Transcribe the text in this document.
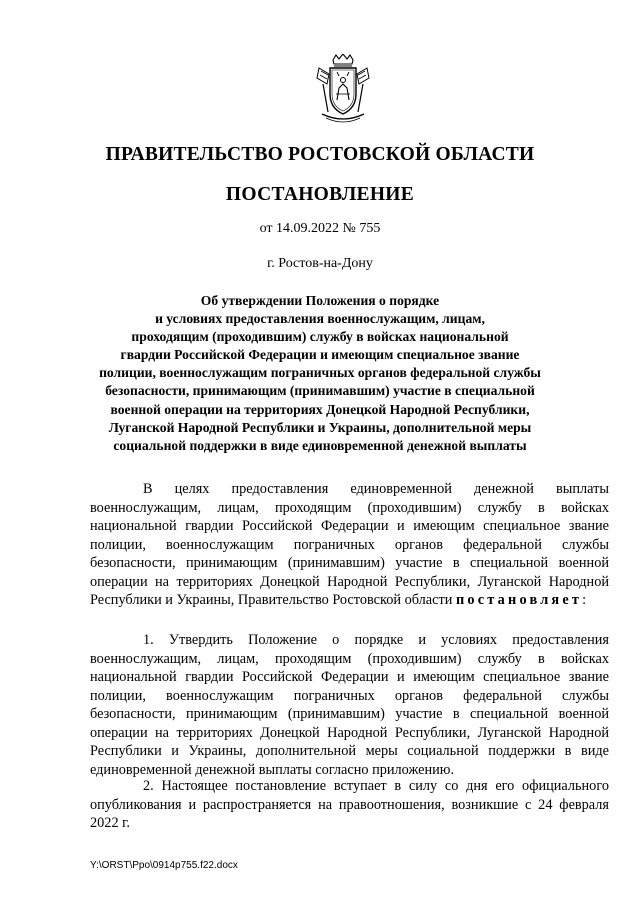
ПРАВИТЕЛЬСТВО РОСТОВСКОЙ ОБЛАСТИ
ПОСТАНОВЛЕНИЕ
от 14.09.2022 № 755
г. Ростов-на-Дону
Об утверждении Положения о порядке
и условиях предоставления военнослужащим, лицам,
проходящим (проходившим) службу в войсках национальной
гвардии Российской Федерации и имеющим специальное звание
полиции, военнослужащим пограничных органов федеральной службы
безопасности, принимающим (принимавшим) участие в специальной
военной операции на территориях Донецкой Народной Республики,
Луганской Народной Республики и Украины, дополнительной меры
социальной поддержки в виде единовременной денежной выплаты

В целях предоставления единовременной денежной выплаты военнослужащим, лицам, проходящим (проходившим) службу в войсках национальной гвардии Российской Федерации и имеющим специальное звание полиции, военнослужащим пограничных органов федеральной службы безопасности, принимающим (принимавшим) участие в специальной военной операции на территориях Донецкой Народной Республики, Луганской Народной Республики и Украины, Правительство Ростовской области постановляет:

1. Утвердить Положение о порядке и условиях предоставления военнослужащим, лицам, проходящим (проходившим) службу в войсках национальной гвардии Российской Федерации и имеющим специальное звание полиции, военнослужащим пограничных органов федеральной службы безопасности, принимающим (принимавшим) участие в специальной военной операции на территориях Донецкой Народной Республики, Луганской Народной Республики и Украины, дополнительной меры социальной поддержки в виде единовременной денежной выплаты согласно приложению.

2. Настоящее постановление вступает в силу со дня его официального опубликования и распространяется на правоотношения, возникшие с 24 февраля 2022 г.

Y:\ORST\Ppo\0914p755.f22.docx
